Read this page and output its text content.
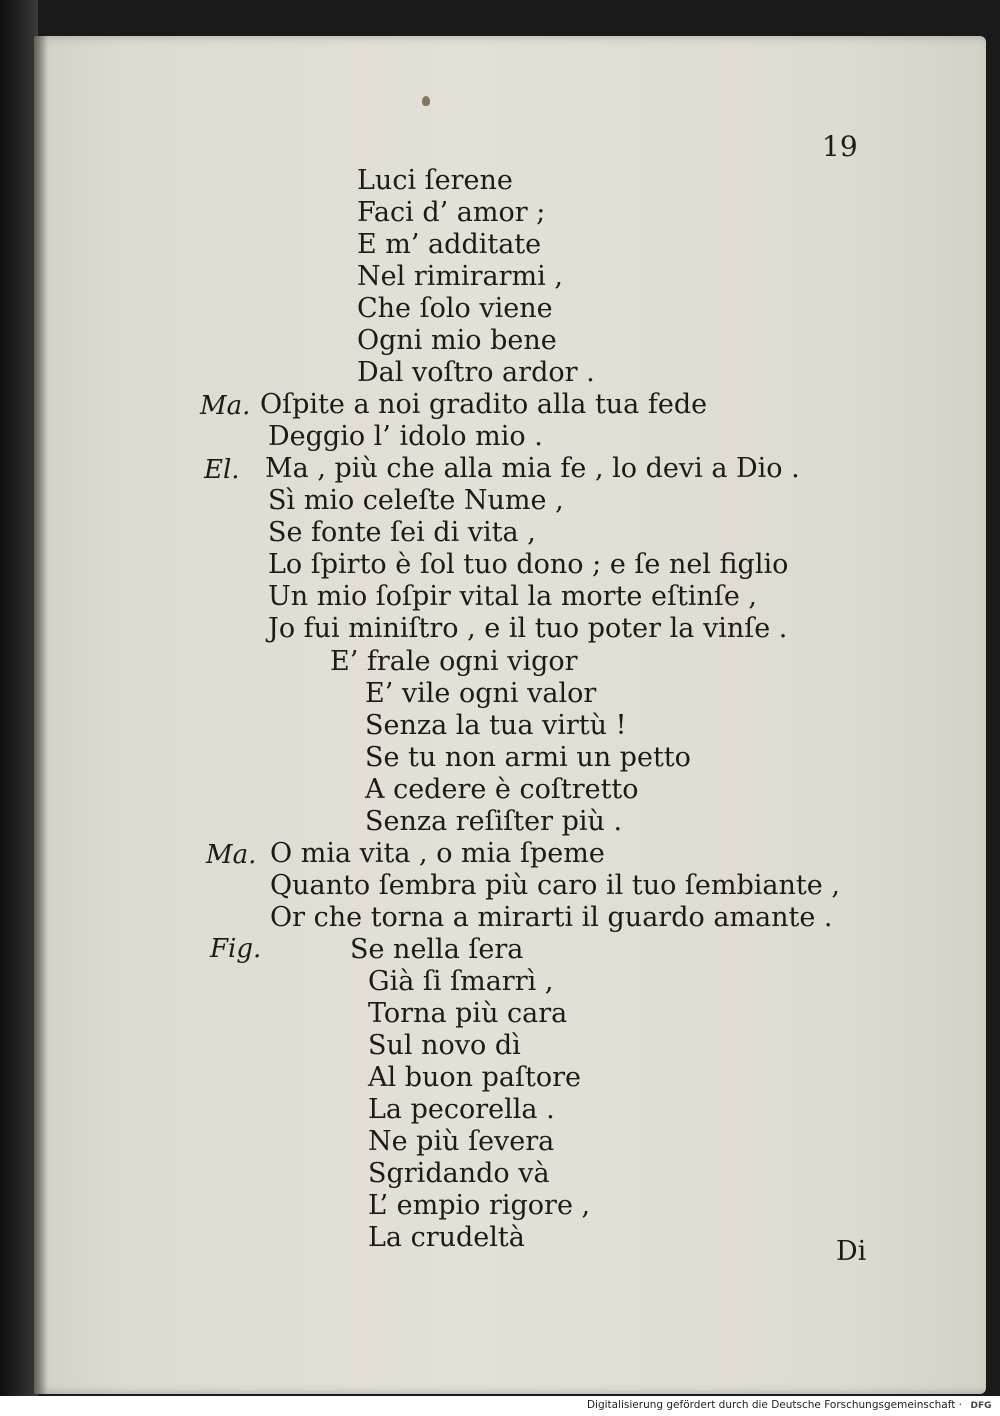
19
Luci ſerene
Faci d’ amor ;
E m’ additate
Nel rimirarmi ,
Che ſolo viene
Ogni mio bene
Dal voſtro ardor .
Ma. Oſpite a noi gradito alla tua fede
Deggio l’ idolo mio .
El. Ma , più che alla mia fe , lo devi a Dio .
Sì mio celeſte Nume ,
Se fonte ſei di vita ,
Lo ſpirto è ſol tuo dono ; e ſe nel figlio
Un mio ſoſpir vital la morte eſtinſe ,
Jo fui miniſtro , e il tuo poter la vinſe .
E’ frale ogni vigor
E’ vile ogni valor
Senza la tua virtù !
Se tu non armi un petto
A cedere è coſtretto
Senza reſiſter più .
Ma. O mia vita , o mia ſpeme
Quanto ſembra più caro il tuo ſembiante ,
Or che torna a mirarti il guardo amante .
Fig.	Se nella ſera
Già ſi ſmarrì ,
Torna più cara
Sul novo dì
Al buon paſtore
La pecorella .
Ne più ſevera
Sgridando và
L’ empio rigore ,
La crudeltà	Di
Digitalisierung gefördert durch die Deutsche Forschungsgemeinschaft · DFG
